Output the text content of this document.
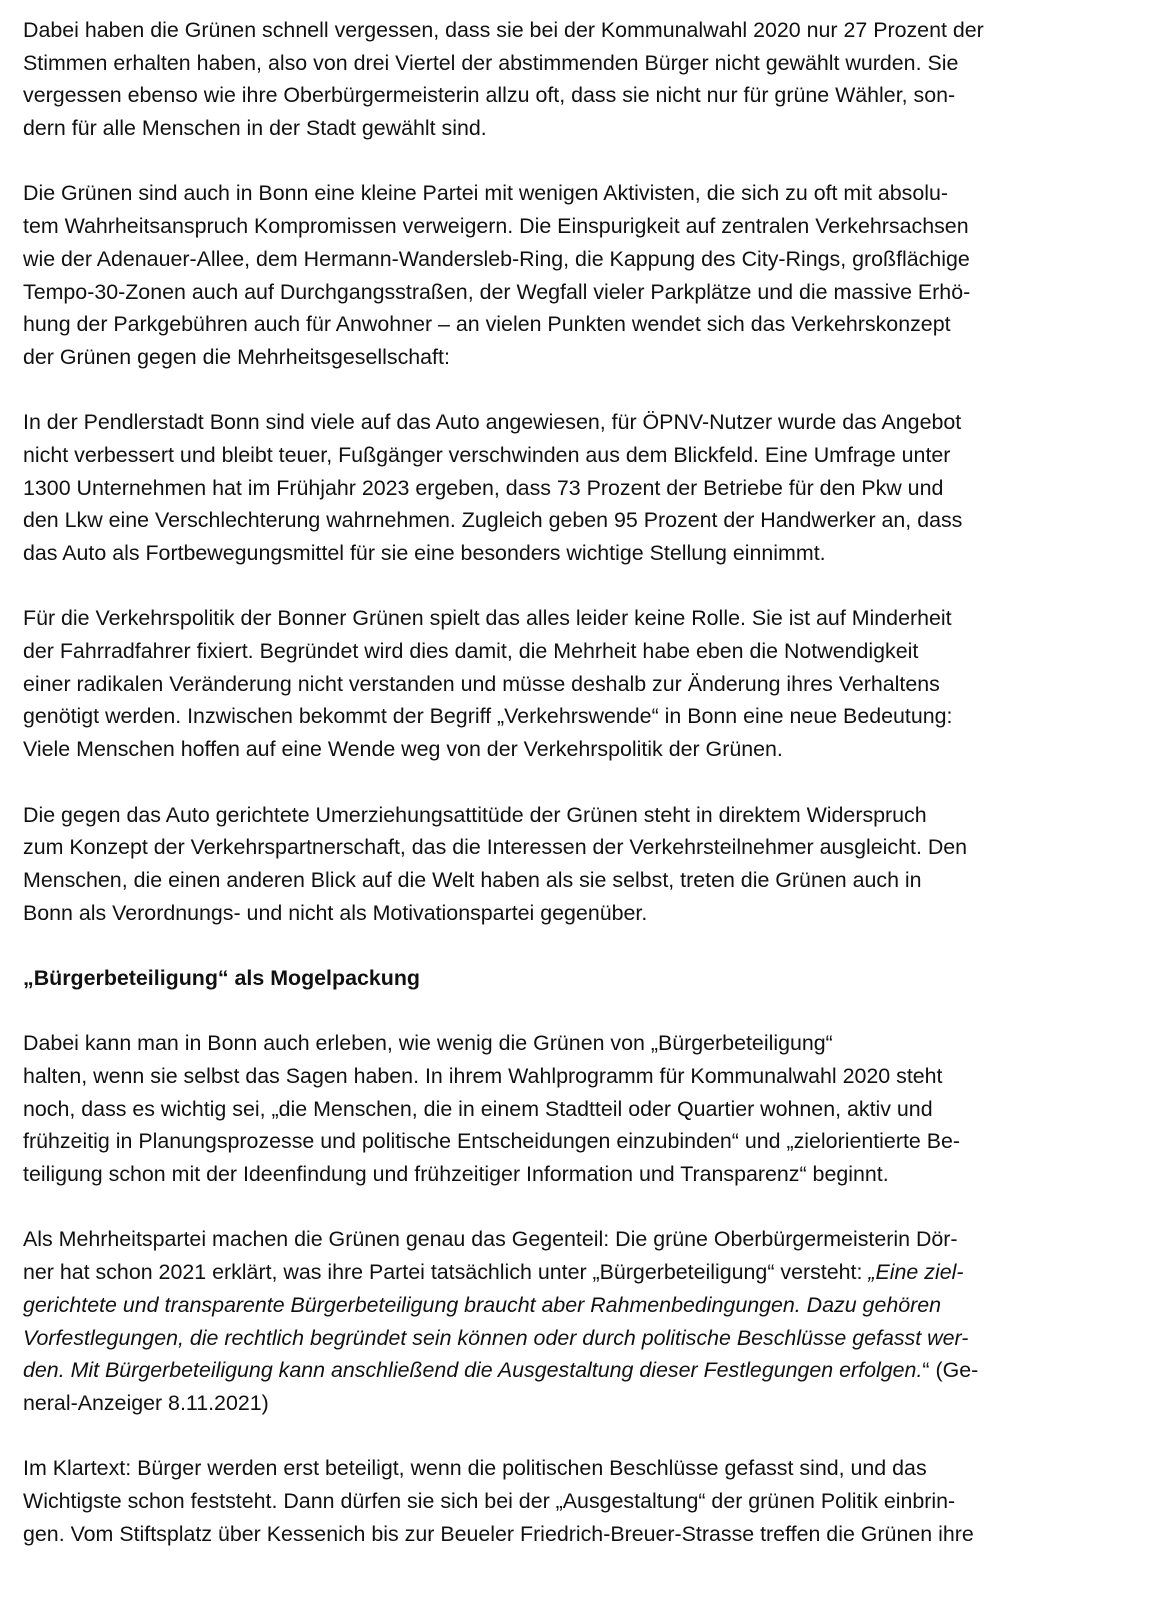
Dabei haben die Grünen schnell vergessen, dass sie bei der Kommunalwahl 2020 nur 27 Prozent der
Stimmen erhalten haben, also von drei Viertel der abstimmenden Bürger nicht gewählt wurden. Sie
vergessen ebenso wie ihre Oberbürgermeisterin allzu oft, dass sie nicht nur für grüne Wähler, son-
dern für alle Menschen in der Stadt gewählt sind.
Die Grünen sind auch in Bonn eine kleine Partei mit wenigen Aktivisten, die sich zu oft mit absolu-
tem Wahrheitsanspruch Kompromissen verweigern. Die Einspurigkeit auf zentralen Verkehrsachsen
wie der Adenauer-Allee, dem Hermann-Wandersleb-Ring, die Kappung des City-Rings, großflächige
Tempo-30-Zonen auch auf Durchgangsstraßen, der Wegfall vieler Parkplätze und die massive Erhö-
hung der Parkgebühren auch für Anwohner – an vielen Punkten wendet sich das Verkehrskonzept
der Grünen gegen die Mehrheitsgesellschaft:
In der Pendlerstadt Bonn sind viele auf das Auto angewiesen, für ÖPNV-Nutzer wurde das Angebot
nicht verbessert und bleibt teuer, Fußgänger verschwinden aus dem Blickfeld. Eine Umfrage unter
1300 Unternehmen hat im Frühjahr 2023 ergeben, dass 73 Prozent der Betriebe für den Pkw und
den Lkw eine Verschlechterung wahrnehmen. Zugleich geben 95 Prozent der Handwerker an, dass
das Auto als Fortbewegungsmittel für sie eine besonders wichtige Stellung einnimmt.
Für die Verkehrspolitik der Bonner Grünen spielt das alles leider keine Rolle. Sie ist auf Minderheit
der Fahrradfahrer fixiert. Begründet wird dies damit, die Mehrheit habe eben die Notwendigkeit
einer radikalen Veränderung nicht verstanden und müsse deshalb zur Änderung ihres Verhaltens
genötigt werden. Inzwischen bekommt der Begriff „Verkehrswende“ in Bonn eine neue Bedeutung:
Viele Menschen hoffen auf eine Wende weg von der Verkehrspolitik der Grünen.
Die gegen das Auto gerichtete Umerziehungsattitüde der Grünen steht in direktem Widerspruch
zum Konzept der Verkehrspartnerschaft, das die Interessen der Verkehrsteilnehmer ausgleicht. Den
Menschen, die einen anderen Blick auf die Welt haben als sie selbst, treten die Grünen auch in
Bonn als Verordnungs- und nicht als Motivationspartei gegenüber.
„Bürgerbeteiligung“ als Mogelpackung
Dabei kann man in Bonn auch erleben, wie wenig die Grünen von „Bürgerbeteiligung“
halten, wenn sie selbst das Sagen haben. In ihrem Wahlprogramm für Kommunalwahl 2020 steht
noch, dass es wichtig sei, „die Menschen, die in einem Stadtteil oder Quartier wohnen, aktiv und
frühzeitig in Planungsprozesse und politische Entscheidungen einzubinden“ und „zielorientierte Be-
teiligung schon mit der Ideenfindung und frühzeitiger Information und Transparenz“ beginnt.
Als Mehrheitspartei machen die Grünen genau das Gegenteil: Die grüne Oberbürgermeisterin Dör-
ner hat schon 2021 erklärt, was ihre Partei tatsächlich unter „Bürgerbeteiligung“ versteht: „Eine ziel-
gerichtete und transparente Bürgerbeteiligung braucht aber Rahmenbedingungen. Dazu gehören
Vorfestlegungen, die rechtlich begründet sein können oder durch politische Beschlüsse gefasst wer-
den. Mit Bürgerbeteiligung kann anschließend die Ausgestaltung dieser Festlegungen erfolgen.“ (Ge-
neral-Anzeiger 8.11.2021)
Im Klartext: Bürger werden erst beteiligt, wenn die politischen Beschlüsse gefasst sind, und das
Wichtigste schon feststeht. Dann dürfen sie sich bei der „Ausgestaltung“ der grünen Politik einbrin-
gen. Vom Stiftsplatz über Kessenich bis zur Beueler Friedrich-Breuer-Strasse treffen die Grünen ihre
